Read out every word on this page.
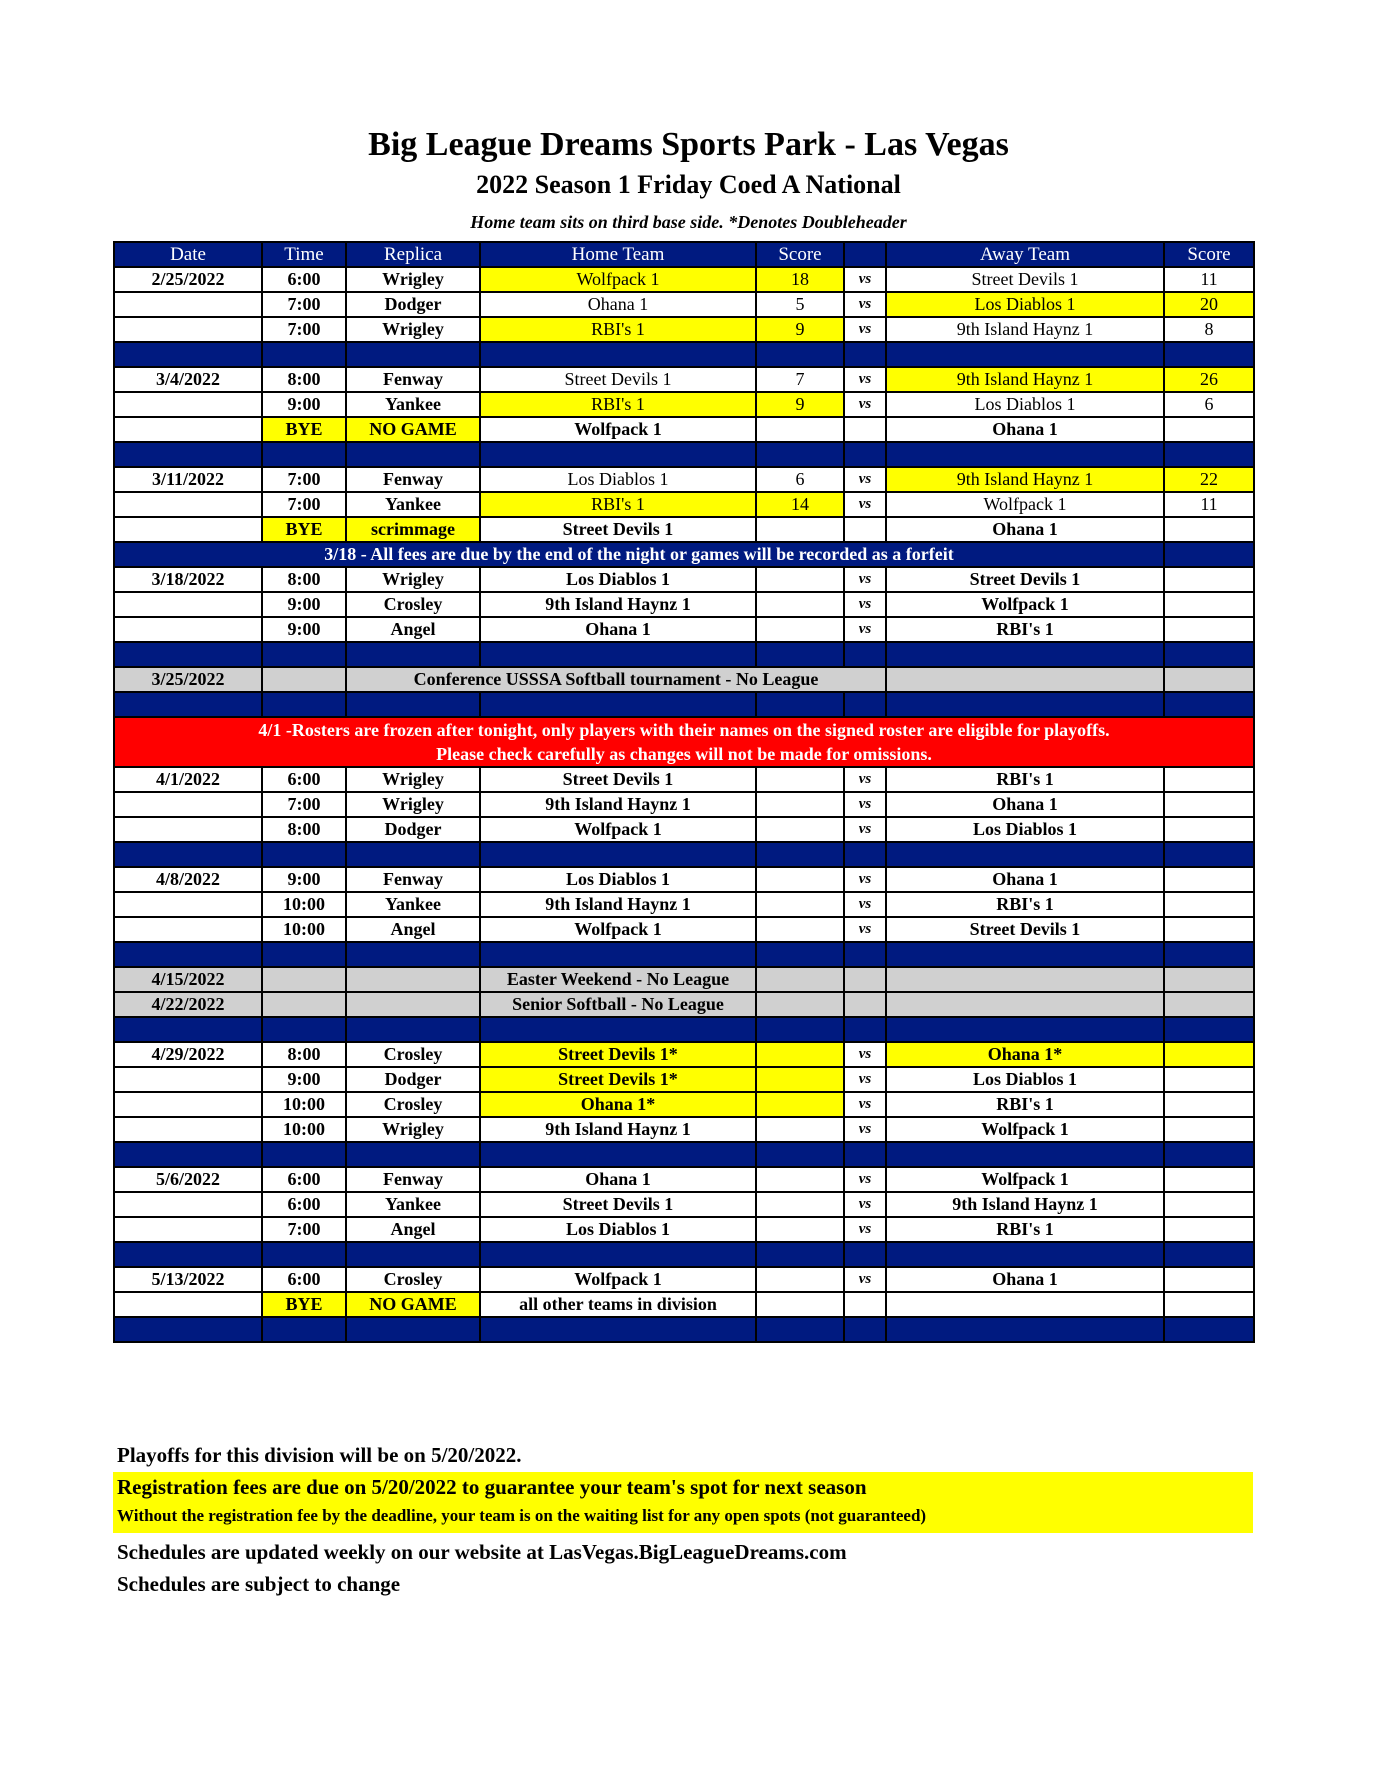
Big League Dreams Sports Park - Las Vegas
2022 Season 1 Friday Coed A National
Home team sits on third base side. *Denotes Doubleheader
Date	Time	Replica	Home Team	Score		Away Team	Score
2/25/2022	6:00	Wrigley	Wolfpack 1	18	vs	Street Devils 1	11
	7:00	Dodger	Ohana 1	5	vs	Los Diablos 1	20
	7:00	Wrigley	RBI's 1	9	vs	9th Island Haynz 1	8

3/4/2022	8:00	Fenway	Street Devils 1	7	vs	9th Island Haynz 1	26
	9:00	Yankee	RBI's 1	9	vs	Los Diablos 1	6
	BYE	NO GAME	Wolfpack 1			Ohana 1	

3/11/2022	7:00	Fenway	Los Diablos 1	6	vs	9th Island Haynz 1	22
	7:00	Yankee	RBI's 1	14	vs	Wolfpack 1	11
	BYE	scrimmage	Street Devils 1			Ohana 1	
3/18 - All fees are due by the end of the night or games will be recorded as a forfeit							
3/18/2022	8:00	Wrigley	Los Diablos 1		vs	Street Devils 1	
	9:00	Crosley	9th Island Haynz 1		vs	Wolfpack 1	
	9:00	Angel	Ohana 1		vs	RBI's 1	

3/25/2022		Conference USSSA Softball tournament - No League					

4/1 -Rosters are frozen after tonight, only players with their names on the signed roster are eligible for playoffs.
Please check carefully as changes will not be made for omissions.							

4/1/2022	6:00	Wrigley	Street Devils 1		vs	RBI's 1	
	7:00	Wrigley	9th Island Haynz 1		vs	Ohana 1	
	8:00	Dodger	Wolfpack 1		vs	Los Diablos 1	

4/8/2022	9:00	Fenway	Los Diablos 1		vs	Ohana 1	
	10:00	Yankee	9th Island Haynz 1		vs	RBI's 1	
	10:00	Angel	Wolfpack 1		vs	Street Devils 1	

4/15/2022			Easter Weekend - No League				
4/22/2022			Senior Softball - No League				

4/29/2022	8:00	Crosley	Street Devils 1*		vs	Ohana 1*	
	9:00	Dodger	Street Devils 1*		vs	Los Diablos 1	
	10:00	Crosley	Ohana 1*		vs	RBI's 1	
	10:00	Wrigley	9th Island Haynz 1		vs	Wolfpack 1	

5/6/2022	6:00	Fenway	Ohana 1		vs	Wolfpack 1	
	6:00	Yankee	Street Devils 1		vs	9th Island Haynz 1	
	7:00	Angel	Los Diablos 1		vs	RBI's 1	

5/13/2022	6:00	Crosley	Wolfpack 1		vs	Ohana 1	
	BYE	NO GAME	all other teams in division				

Playoffs for this division will be on 5/20/2022.
Registration fees are due on 5/20/2022 to guarantee your team's spot for next season
Without the registration fee by the deadline, your team is on the waiting list for any open spots (not guaranteed)
Schedules are updated weekly on our website at LasVegas.BigLeagueDreams.com
Schedules are subject to change
